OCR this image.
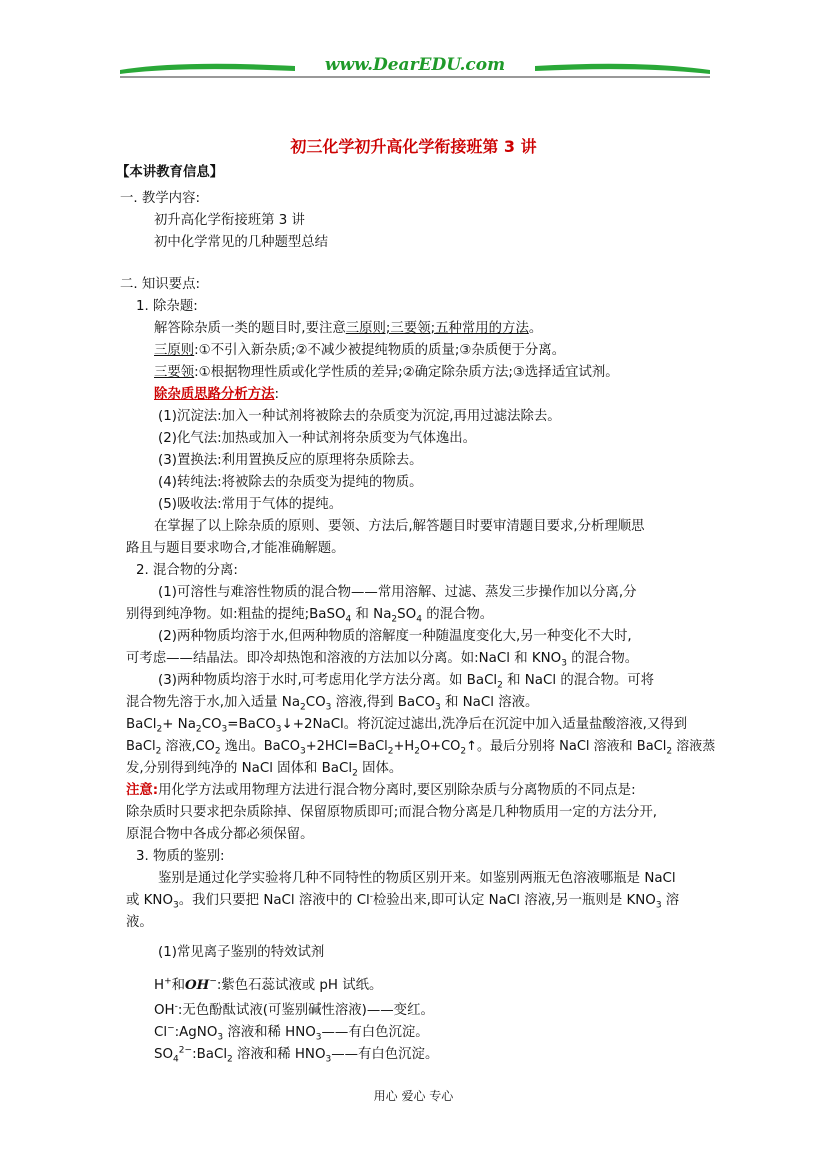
www.DearEDU.com
初三化学初升高化学衔接班第 3 讲
【本讲教育信息】
一. 教学内容:
初升高化学衔接班第 3 讲
初中化学常见的几种题型总结
二. 知识要点:
1. 除杂题:
解答除杂质一类的题目时,要注意三原则;三要领;五种常用的方法。
三原则:①不引入新杂质;②不减少被提纯物质的质量;③杂质便于分离。
三要领:①根据物理性质或化学性质的差异;②确定除杂质方法;③选择适宜试剂。
除杂质思路分析方法:
(1)沉淀法:加入一种试剂将被除去的杂质变为沉淀,再用过滤法除去。
(2)化气法:加热或加入一种试剂将杂质变为气体逸出。
(3)置换法:利用置换反应的原理将杂质除去。
(4)转纯法:将被除去的杂质变为提纯的物质。
(5)吸收法:常用于气体的提纯。
在掌握了以上除杂质的原则、要领、方法后,解答题目时要审清题目要求,分析理顺思
路且与题目要求吻合,才能准确解题。
2. 混合物的分离:
(1)可溶性与难溶性物质的混合物——常用溶解、过滤、蒸发三步操作加以分离,分
别得到纯净物。如:粗盐的提纯;BaSO$_4$ 和 $Na_2SO_4$ 的混合物。
(2)两种物质均溶于水,但两种物质的溶解度一种随温度变化大,另一种变化不大时,
可考虑——结晶法。即冷却热饱和溶液的方法加以分离。如:NaCl 和 $KNO_3$ 的混合物。
(3)两种物质均溶于水时,可考虑用化学方法分离。如 BaCl$_2$ 和 NaCl 的混合物。可将
混合物先溶于水,加入适量 $Na_2CO_3$ 溶液,得到 BaCO$_3$ 和 NaCl 溶液。
BaCl$_2$+ $Na_2CO_3=BaCO_3↓+2NaCl$。将沉淀过滤出,洗净后在沉淀中加入适量盐酸溶液,又得到
BaCl$_2$ 溶液$,CO_2$ 逸出。$BaCO_3+2HCl=BaCl_2+H_2O+CO_2↑$。最后分别将 NaCl 溶液和 BaCl$_2$ 溶液蒸
发,分别得到纯净的 NaCl 固体和 BaCl$_2$ 固体。
注意:用化学方法或用物理方法进行混合物分离时,要区别除杂质与分离物质的不同点是:
除杂质时只要求把杂质除掉、保留原物质即可;而混合物分离是几种物质用一定的方法分开,
原混合物中各成分都必须保留。
3. 物质的鉴别:
鉴别是通过化学实验将几种不同特性的物质区别开来。如鉴别两瓶无色溶液哪瓶是 NaCl
或 $KNO_3$。我们只要把 NaCl 溶液中的 Cl-检验出来,即可认定 NaCl 溶液,另一瓶则是 $KNO_3$ 溶
液。
(1)常见离子鉴别的特效试剂
H+和OH−:紫色石蕊试液或 pH 试纸。
OH-:无色酚酞试液(可鉴别碱性溶液)——变红。
Cl−:AgNO$_3$ 溶液和稀 $HNO_3——$有白色沉淀。
$SO_4^{2-}:BaCl_2$ 溶液和稀 $HNO_3——$有白色沉淀。
用心 爱心 专心
